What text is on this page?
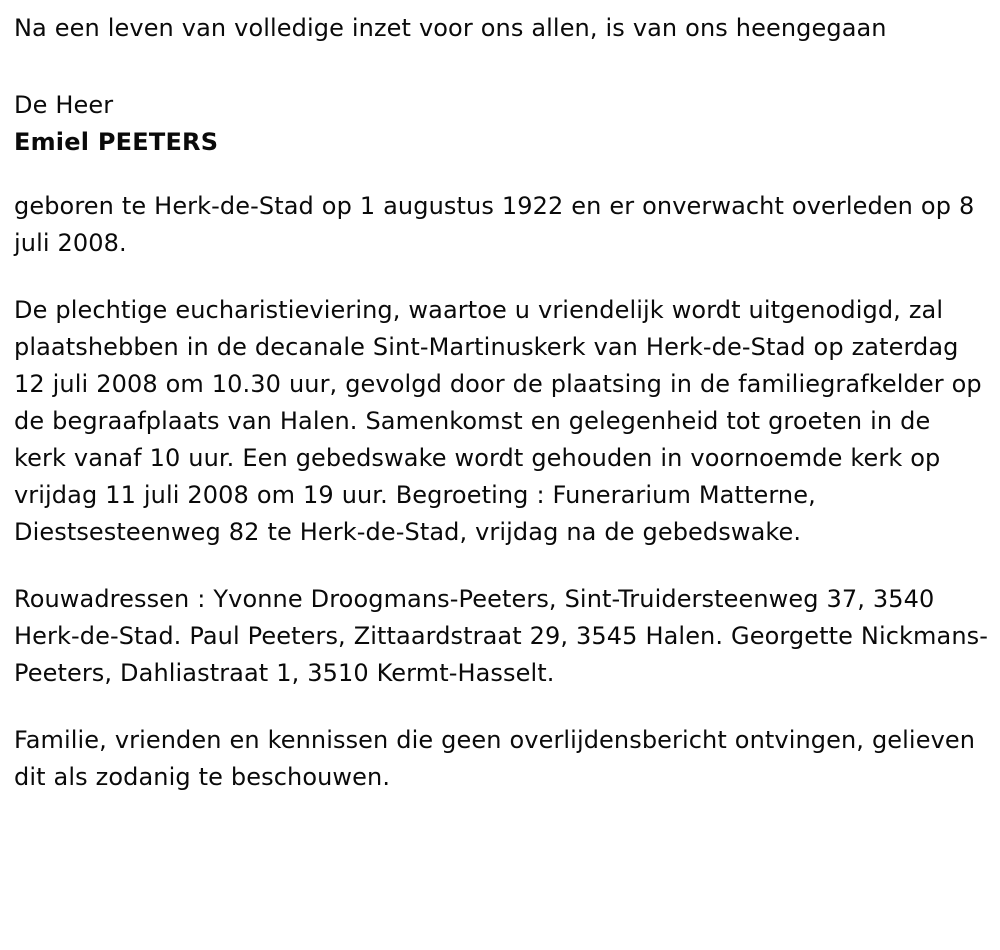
Na een leven van volledige inzet voor ons allen, is van ons heengegaan

De Heer

Emiel PEETERS

geboren te Herk-de-Stad op 1 augustus 1922 en er onverwacht overleden op 8 juli 2008.

De plechtige eucharistieviering, waartoe u vriendelijk wordt uitgenodigd, zal plaatshebben in de decanale Sint-Martinuskerk van Herk-de-Stad op zaterdag 12 juli 2008 om 10.30 uur, gevolgd door de plaatsing in de familiegrafkelder op de begraafplaats van Halen. Samenkomst en gelegenheid tot groeten in de kerk vanaf 10 uur. Een gebedswake wordt gehouden in voornoemde kerk op vrijdag 11 juli 2008 om 19 uur. Begroeting : Funerarium Matterne, Diestsesteenweg 82 te Herk-de-Stad, vrijdag na de gebedswake.

Rouwadressen : Yvonne Droogmans-Peeters, Sint-Truidersteenweg 37, 3540 Herk-de-Stad. Paul Peeters, Zittaardstraat 29, 3545 Halen. Georgette Nickmans-Peeters, Dahliastraat 1, 3510 Kermt-Hasselt.

Familie, vrienden en kennissen die geen overlijdensbericht ontvingen, gelieven dit als zodanig te beschouwen.
